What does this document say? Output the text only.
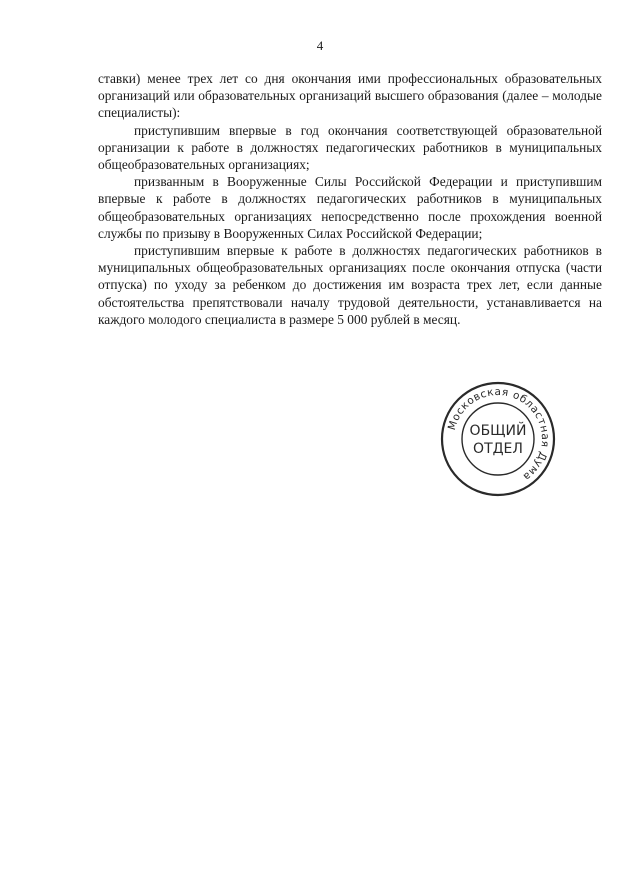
4

ставки) менее трех лет со дня окончания ими профессиональных образовательных организаций или образовательных организаций высшего образования (далее – молодые специалисты):

приступившим впервые в год окончания соответствующей образовательной организации к работе в должностях педагогических работников в муниципальных общеобразовательных организациях;

призванным в Вооруженные Силы Российской Федерации и приступившим впервые к работе в должностях педагогических работников в муниципальных общеобразовательных организациях непосредственно после прохождения военной службы по призыву в Вооруженных Силах Российской Федерации;

приступившим впервые к работе в должностях педагогических работников в муниципальных общеобразовательных организациях после окончания отпуска (части отпуска) по уходу за ребенком до достижения им возраста трех лет, если данные обстоятельства препятствовали началу трудовой деятельности, устанавливается на каждого молодого специалиста в размере 5 000 рублей в месяц.

Московская областная Дума
ОБЩИЙ
ОТДЕЛ
